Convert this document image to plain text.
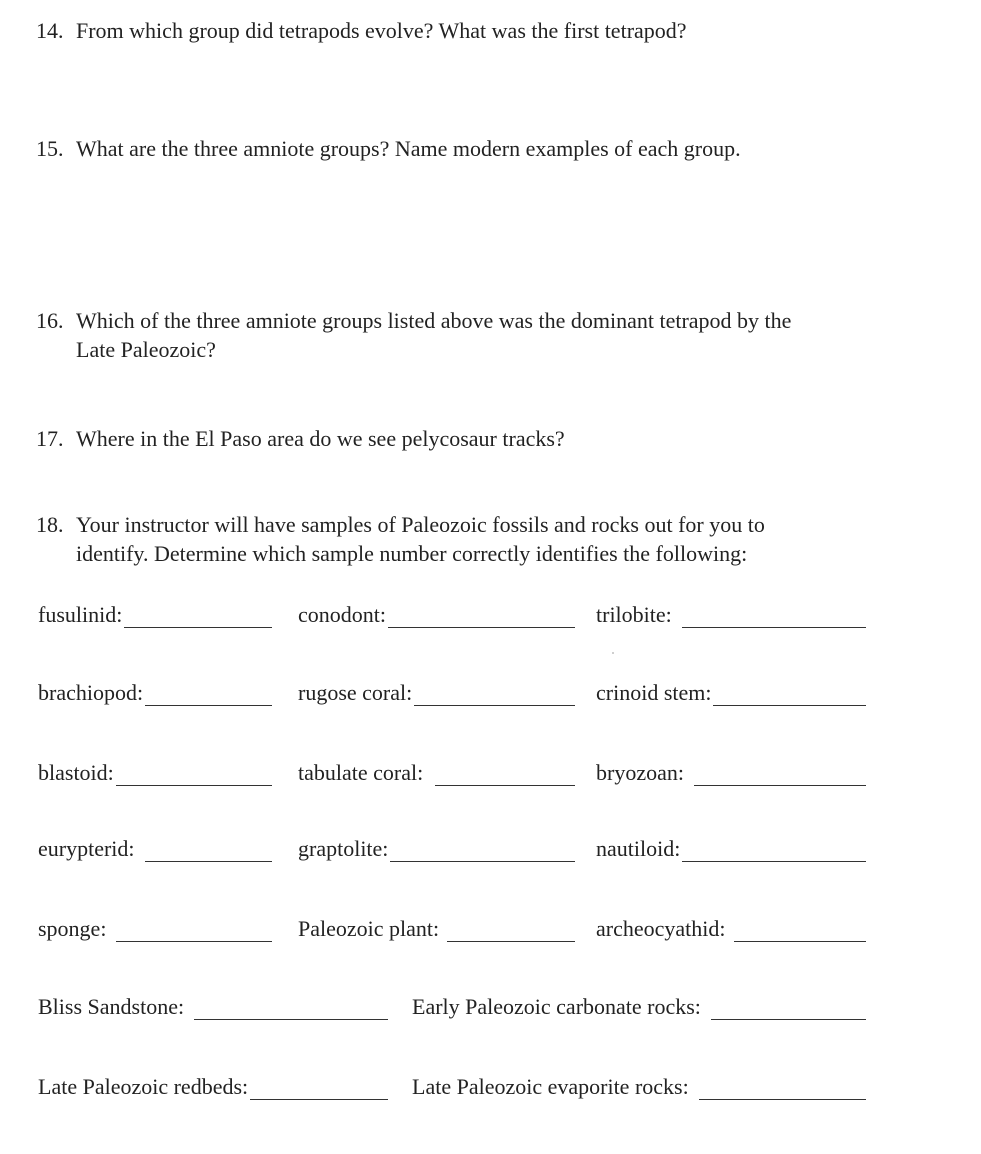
14. From which group did tetrapods evolve? What was the first tetrapod?
15. What are the three amniote groups? Name modern examples of each group.
16. Which of the three amniote groups listed above was the dominant tetrapod by the
Late Paleozoic?
17. Where in the El Paso area do we see pelycosaur tracks?
18. Your instructor will have samples of Paleozoic fossils and rocks out for you to
identify. Determine which sample number correctly identifies the following:
fusulinid:	conodont:	trilobite:
brachiopod:	rugose coral:	crinoid stem:
blastoid:	tabulate coral:	bryozoan:
eurypterid:	graptolite:	nautiloid:
sponge:	Paleozoic plant:	archeocyathid:
Bliss Sandstone:	Early Paleozoic carbonate rocks:
Late Paleozoic redbeds:	Late Paleozoic evaporite rocks:
